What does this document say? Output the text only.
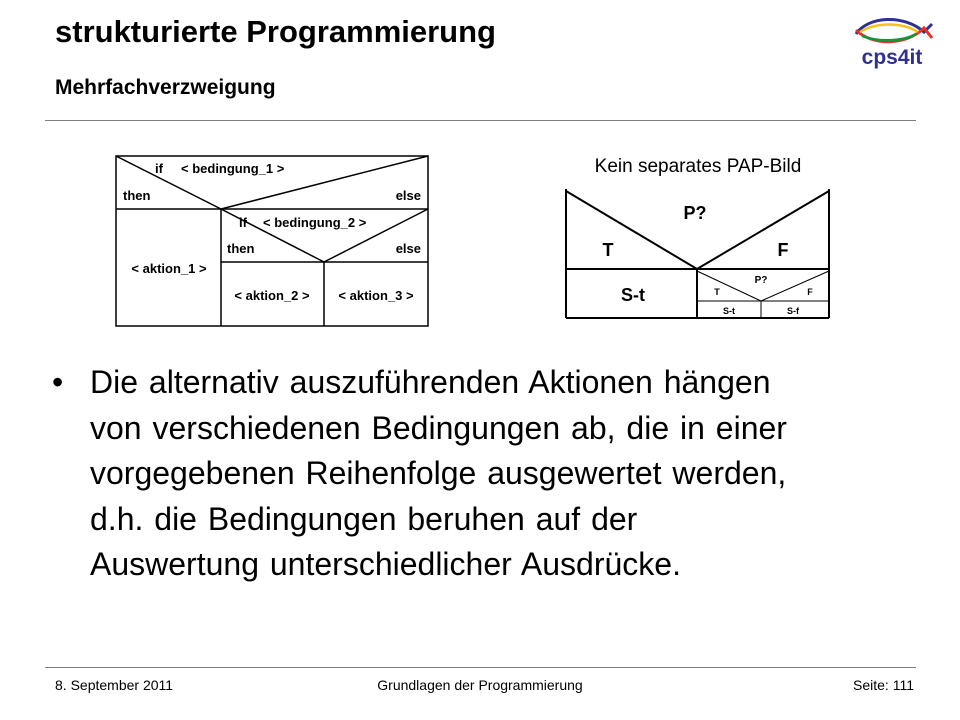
strukturierte Programmierung
Mehrfachverzweigung
cps4it
if < bedingung_1 >
then	else
< aktion_1 >
if < bedingung_2 >
then	else
< aktion_2 > < aktion_3 >

Kein separates PAP-Bild

P?
T	F
S-t
P?
T	F
S-t	S-f
• Die alternativ auszuführenden Aktionen hängen
von verschiedenen Bedingungen ab, die in einer
vorgegebenen Reihenfolge ausgewertet werden,
d.h. die Bedingungen beruhen auf der
Auswertung unterschiedlicher Ausdrücke.

8. September 2011	Grundlagen der Programmierung	Seite: 111
